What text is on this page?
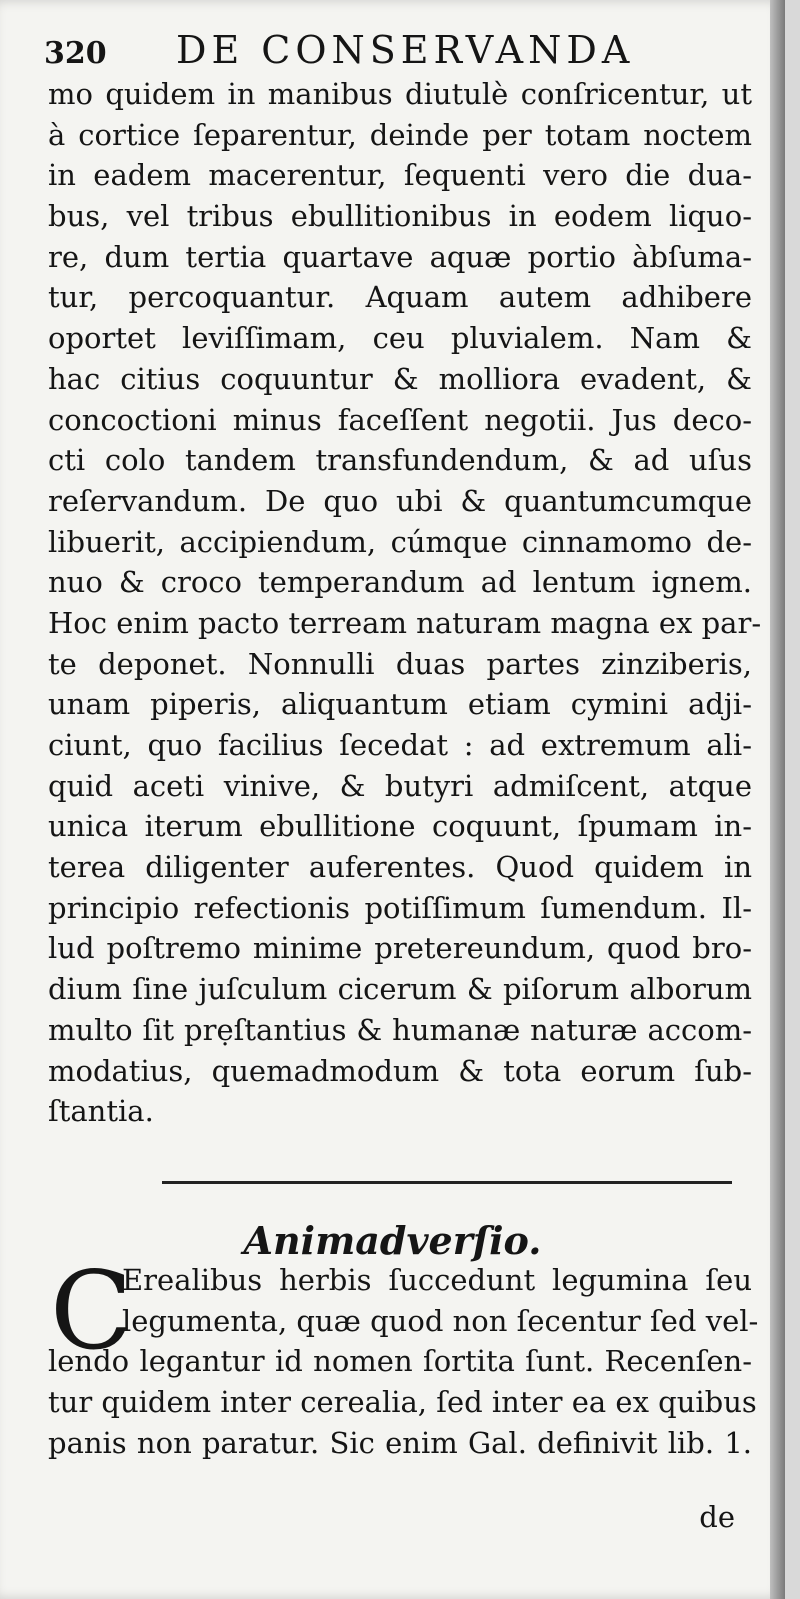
320 DE CONSERVANDA
mo quidem in manibus diutulè conſricentur, ut
à cortice ſeparentur, deinde per totam noctem
in eadem macerentur, ſequenti vero die dua-
bus, vel tribus ebullitionibus in eodem liquo-
re, dum tertia quartave aquæ portio àbſuma-
tur, percoquantur. Aquam autem adhibere
oportet leviſſimam, ceu pluvialem. Nam &
hac citius coquuntur & molliora evadent, &
concoctioni minus faceſſent negotii. Jus deco-
cti colo tandem transfundendum, & ad uſus
reſervandum. De quo ubi & quantumcumque
libuerit, accipiendum, cúmque cinnamomo de-
nuo & croco temperandum ad lentum ignem.
Hoc enim pacto terream naturam magna ex par-
te deponet. Nonnulli duas partes zinziberis,
unam piperis, aliquantum etiam cymini adji-
ciunt, quo facilius ſecedat : ad extremum ali-
quid aceti vinive, & butyri admiſcent, atque
unica iterum ebullitione coquunt, ſpumam in-
terea diligenter auferentes. Quod quidem in
principio refectionis potiſſimum ſumendum. Il-
lud poſtremo minime pretereundum, quod bro-
dium ſine juſculum cicerum & piſorum alborum
multo ſit prẹſtantius & humanæ naturæ accom-
modatius, quemadmodum & tota eorum ſub-
ſtantia.
Animadverſio.
C
Erealibus herbis ſuccedunt legumina ſeu
legumenta, quæ quod non ſecentur ſed vel-
lendo legantur id nomen ſortita ſunt. Recenſen-
tur quidem inter cerealia, ſed inter ea ex quibus
panis non paratur. Sic enim Gal. definivit lib. 1.
de
